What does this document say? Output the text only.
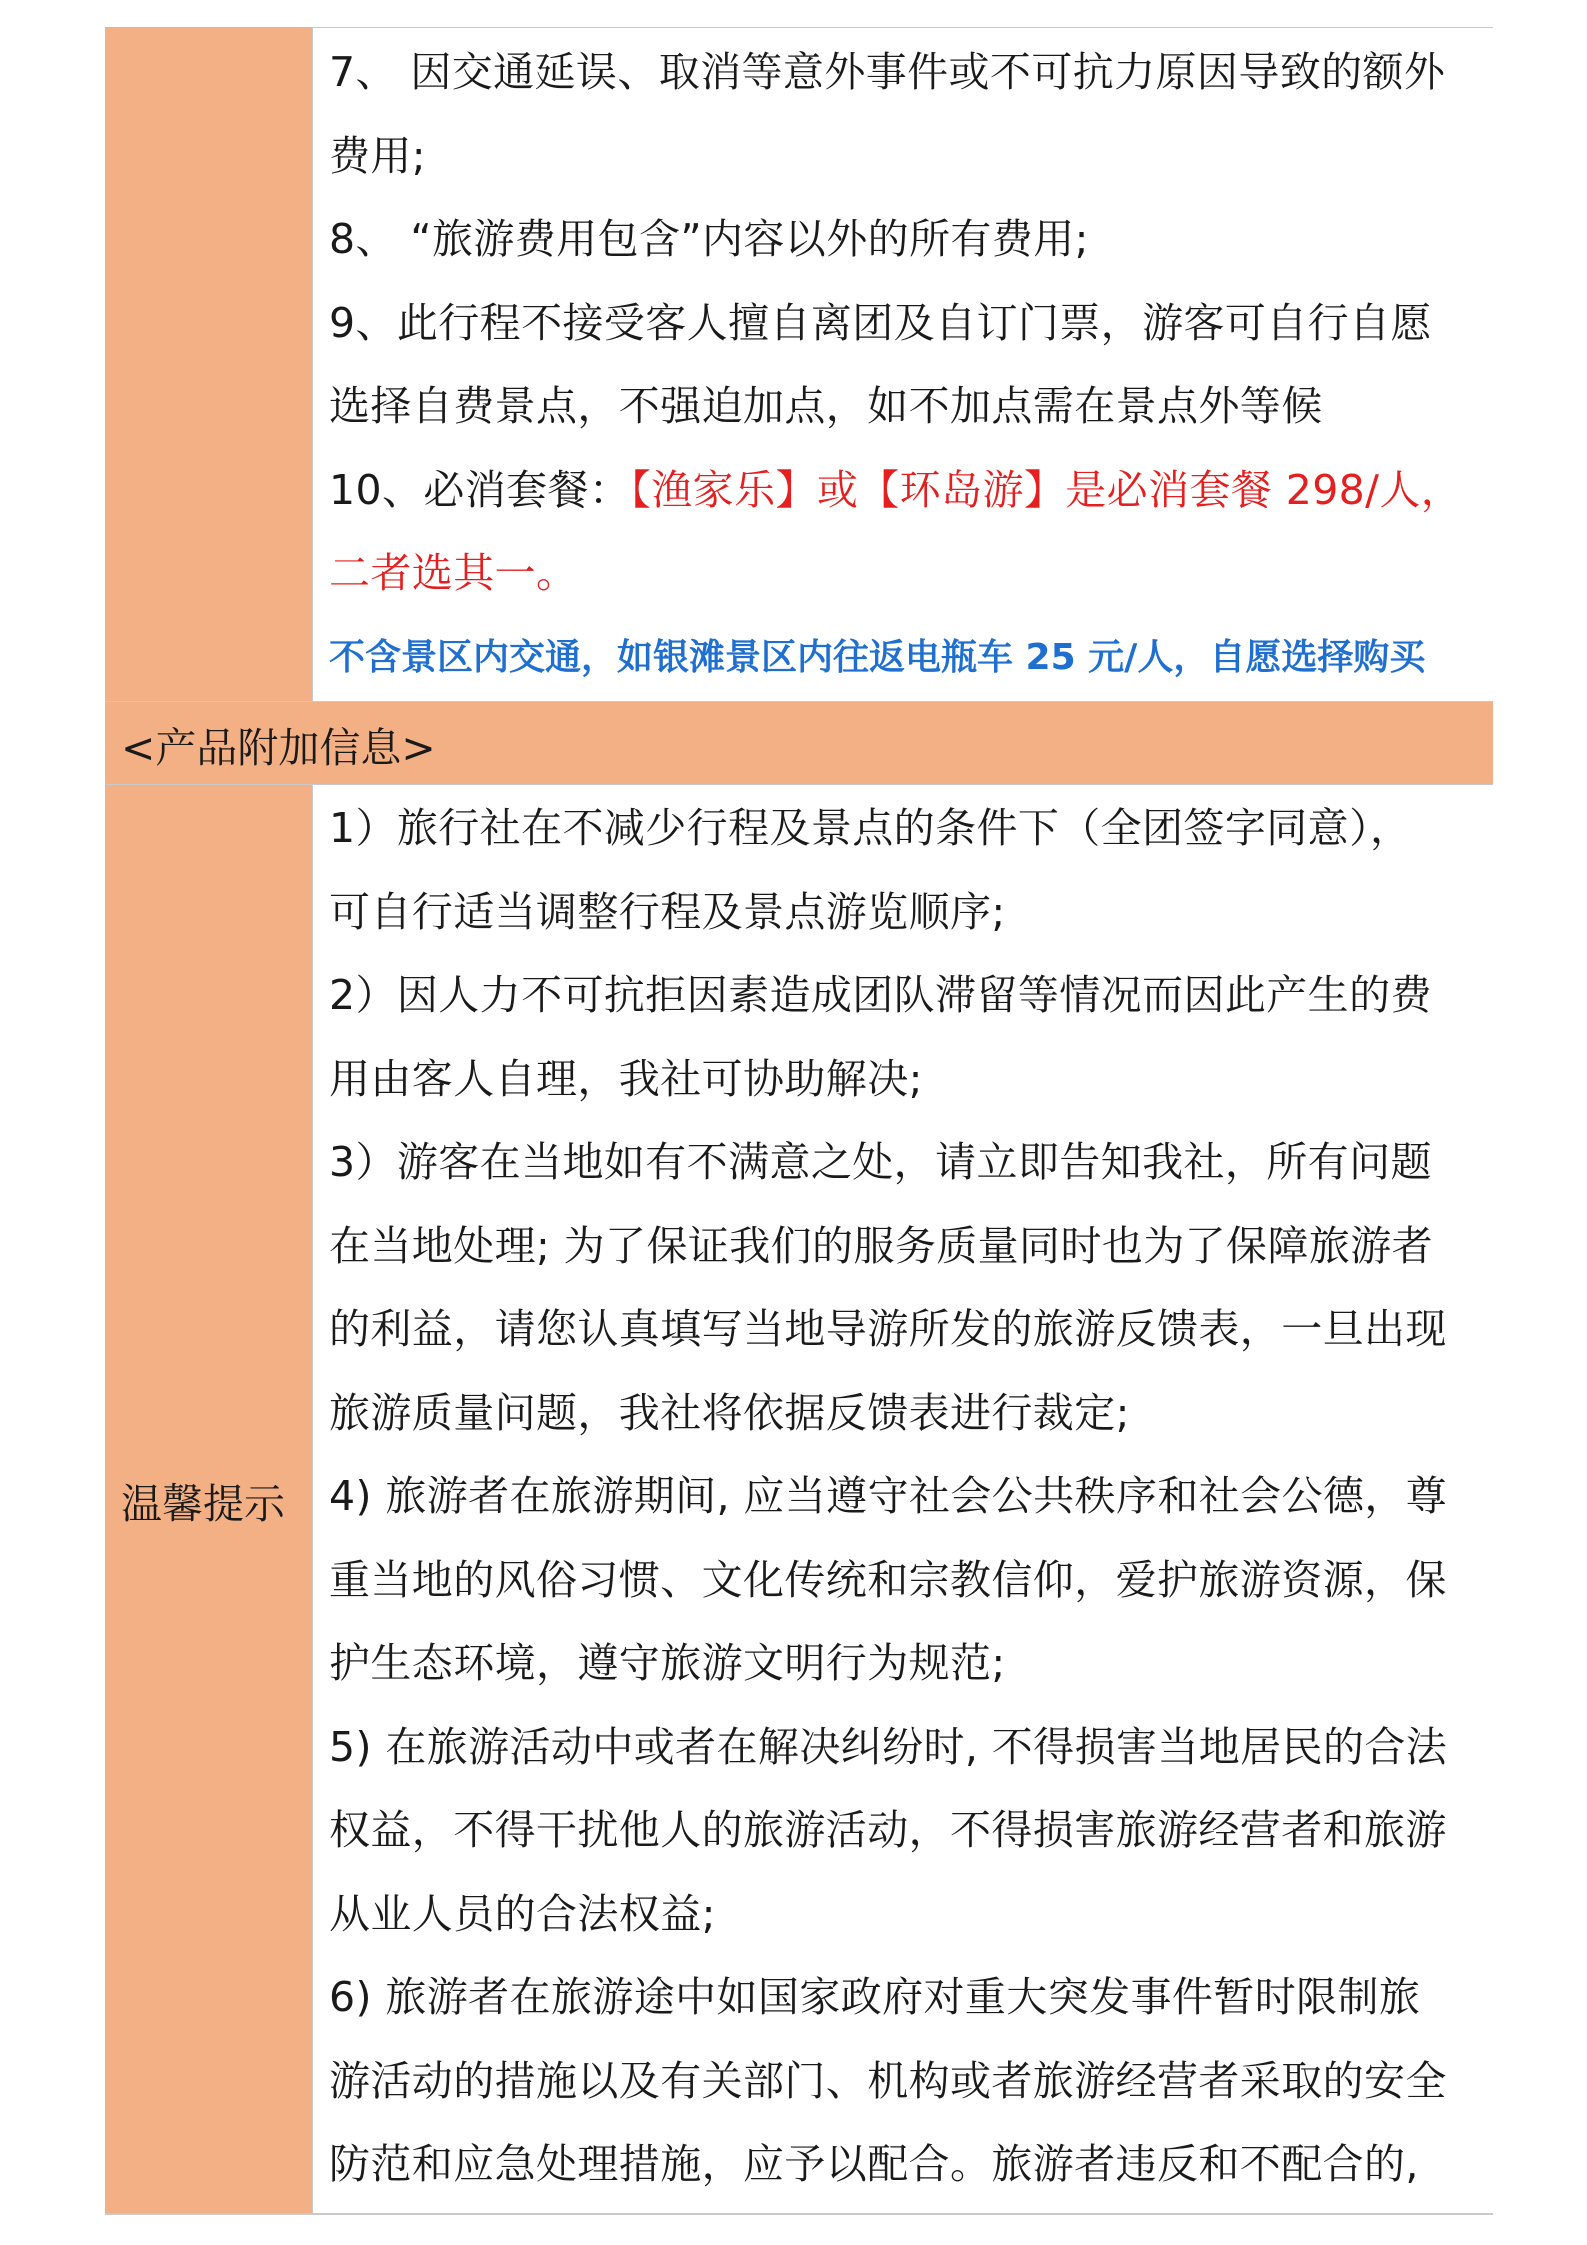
7、 因交通延误、取消等意外事件或不可抗力原因导致的额外
费用;
8、 “旅游费用包含”内容以外的所有费用;
9、此行程不接受客人擅自离团及自订门票，游客可自行自愿
选择自费景点，不强迫加点，如不加点需在景点外等候
10、必消套餐：【渔家乐】或【环岛游】是必消套餐 298/人，
二者选其一。
不含景区内交通，如银滩景区内往返电瓶车 25 元/人，自愿选择购买
<产品附加信息>
温馨提示
1）旅行社在不减少行程及景点的条件下（全团签字同意），
可自行适当调整行程及景点游览顺序;
2）因人力不可抗拒因素造成团队滞留等情况而因此产生的费
用由客人自理，我社可协助解决;
3）游客在当地如有不满意之处，请立即告知我社，所有问题
在当地处理; 为了保证我们的服务质量同时也为了保障旅游者
的利益，请您认真填写当地导游所发的旅游反馈表，一旦出现
旅游质量问题，我社将依据反馈表进行裁定;
4) 旅游者在旅游期间, 应当遵守社会公共秩序和社会公德，尊
重当地的风俗习惯、文化传统和宗教信仰，爱护旅游资源，保
护生态环境，遵守旅游文明行为规范;
5) 在旅游活动中或者在解决纠纷时, 不得损害当地居民的合法
权益，不得干扰他人的旅游活动，不得损害旅游经营者和旅游
从业人员的合法权益;
6) 旅游者在旅游途中如国家政府对重大突发事件暂时限制旅
游活动的措施以及有关部门、机构或者旅游经营者采取的安全
防范和应急处理措施，应予以配合。旅游者违反和不配合的,
